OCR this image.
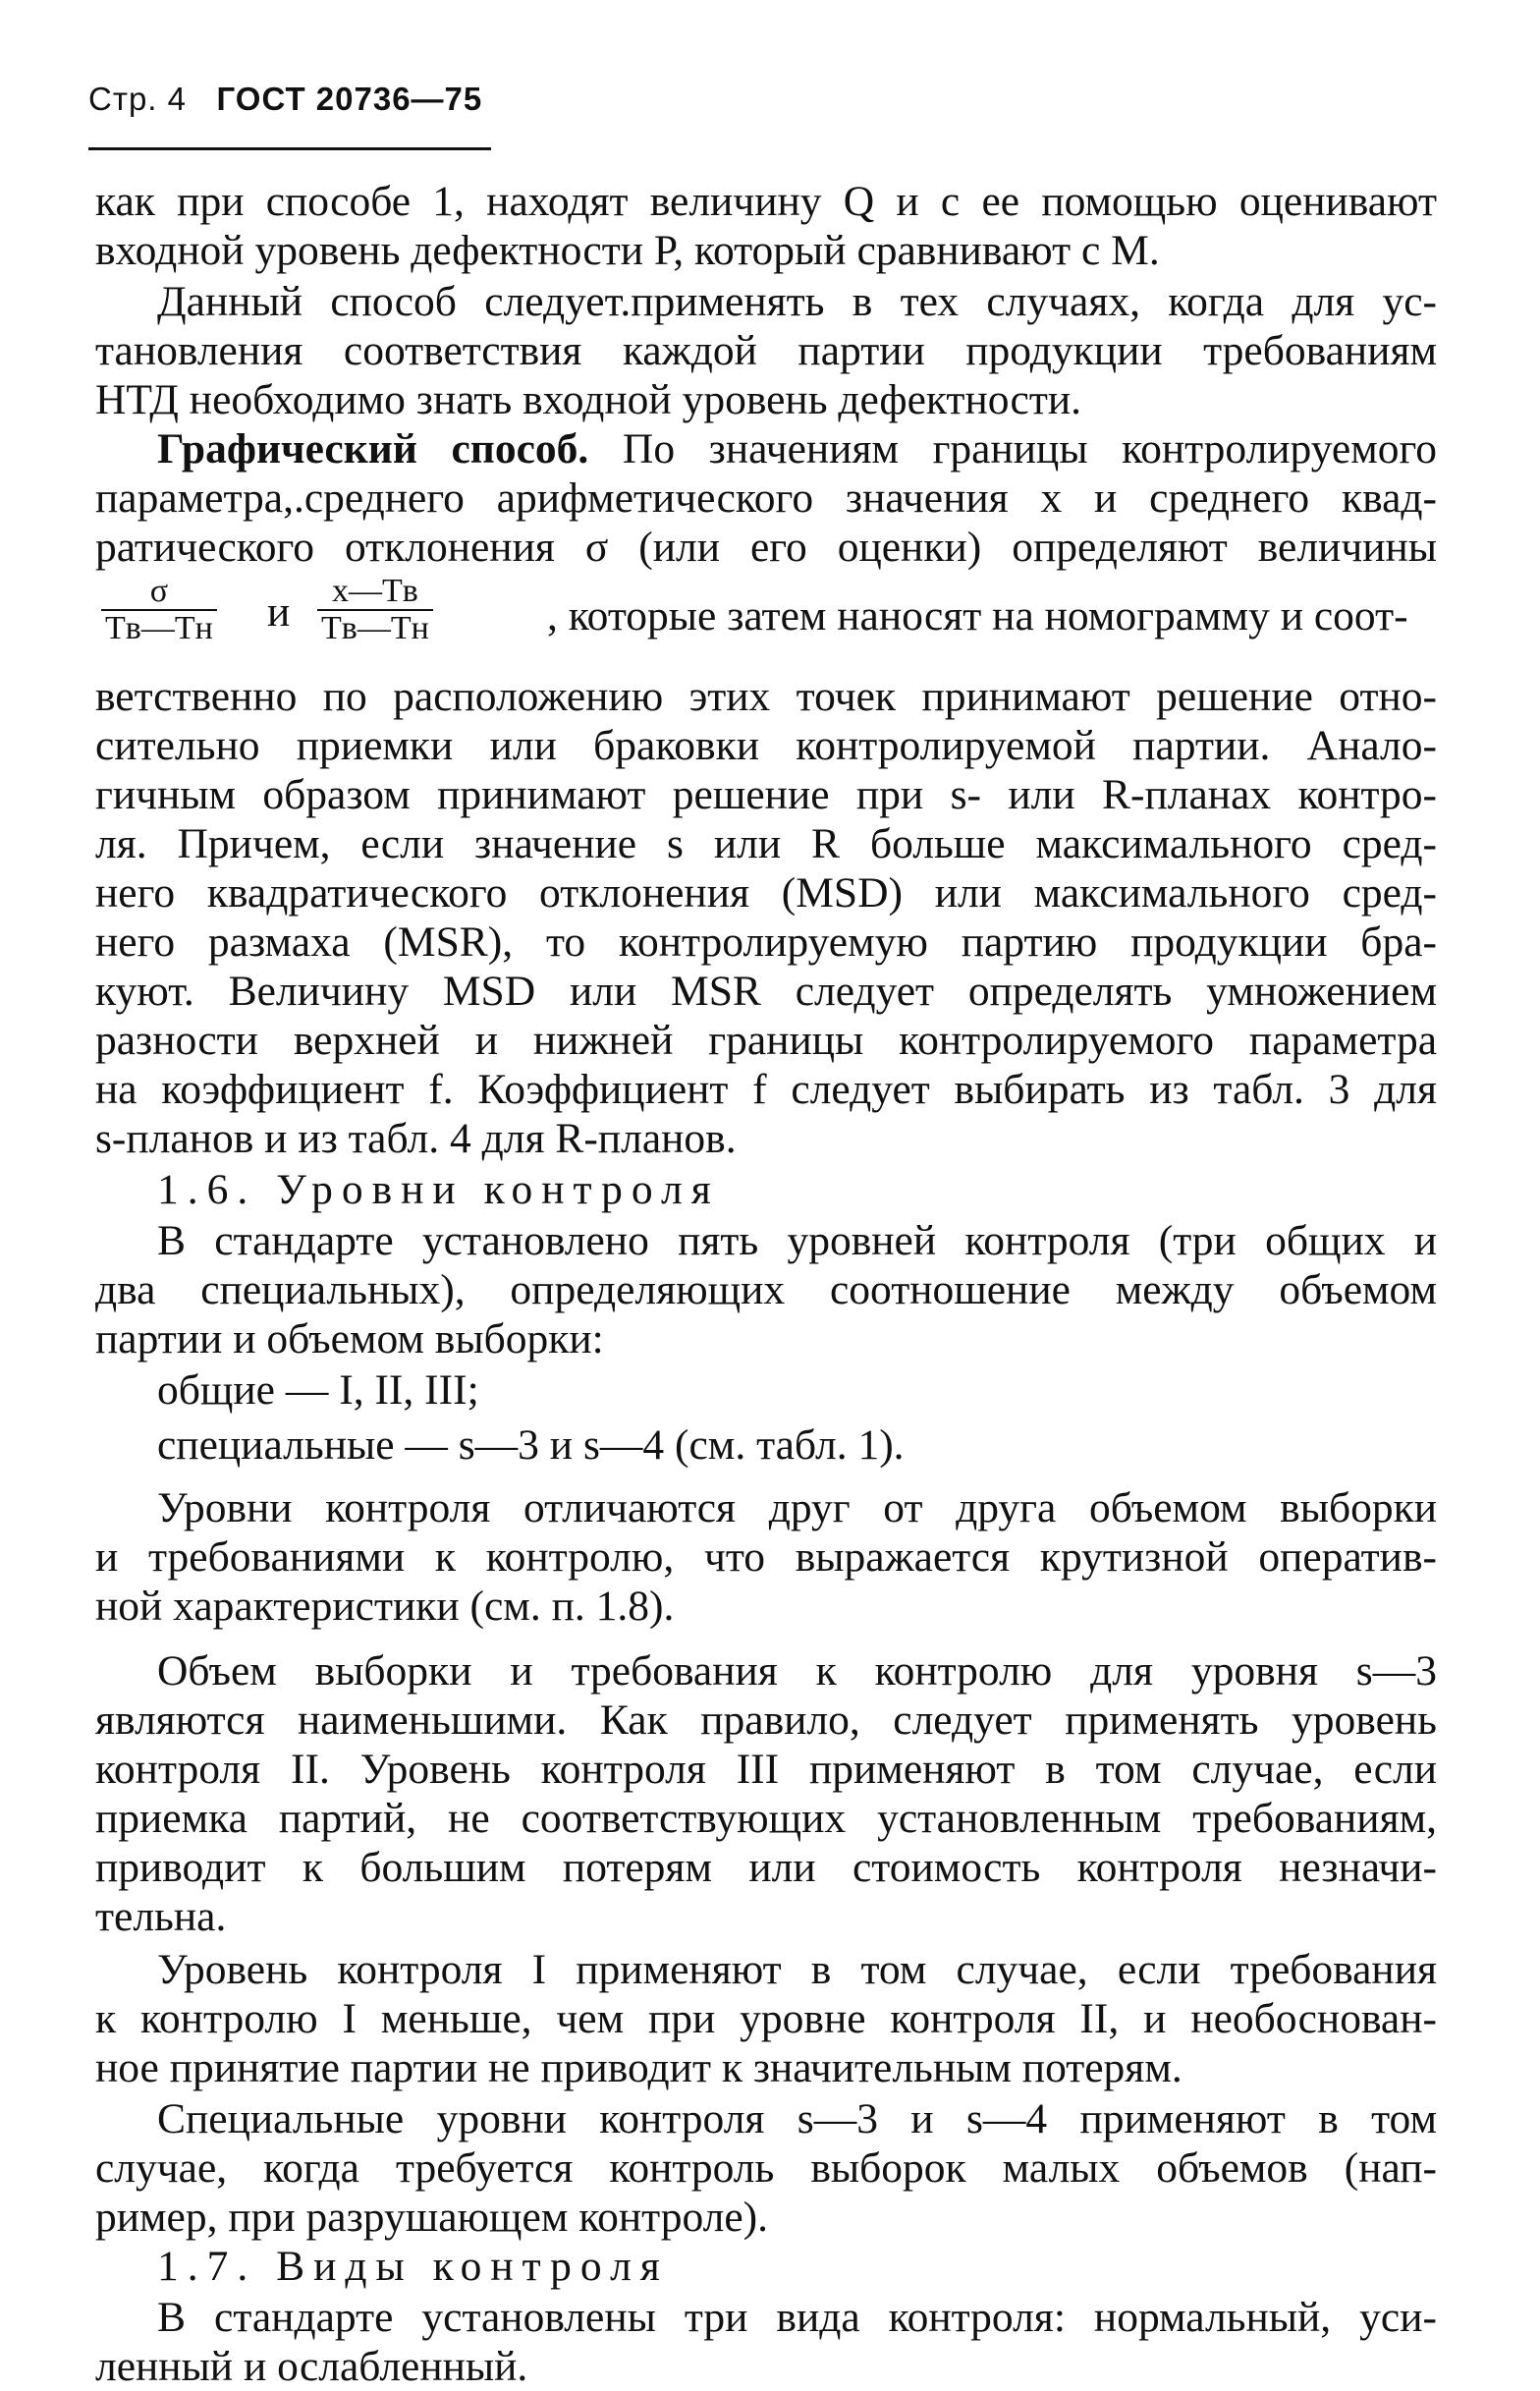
Стр. 4 ГОСТ 20736—75
как при способе 1, находят величину Q и с ее помощью оценивают
входной уровень дефектности P, который сравнивают с M.
Данный способ следует.применять в тех случаях, когда для ус-
тановления соответствия каждой партии продукции требованиям
НТД необходимо знать входной уровень дефектности.
Графический способ. По значениям границы контролируемого
параметра,.среднего арифметического значения x и среднего квад-
ратического отклонения σ (или его оценки) определяют величины
σ
Tв—Tн и	x—Tв
Tв—Tн	, которые затем наносят на номограмму и соот-
ветственно по расположению этих точек принимают решение отно-
сительно приемки или браковки контролируемой партии. Аналo-
гичным образом принимают решение при s- или R-планах контро-
ля. Причем, если значение s или R больше максимального сред-
него квадратического отклонения (MSD) или максимального сред-
него размаха (MSR), то контролируемую партию продукции бра-
куют. Величину MSD или MSR следует определять умножением
разности верхней и нижней границы контролируемого параметра
на коэффициент f. Коэффициент f следует выбирать из табл. 3 для
s-планов и из табл. 4 для R-планов.
1.6. Уровни контроля
В стандарте установлено пять уровней контроля (три общих и
два специальных), определяющих соотношение между объемом
партии и объемом выборки:
общие — I, II, III;
специальные — s—3 и s—4 (см. табл. 1).
Уровни контроля отличаются друг от друга объемом выборки
и требованиями к контролю, что выражается крутизной оператив-
ной характеристики (см. п. 1.8).
Объем выборки и требования к контролю для уровня s—3
являются наименьшими. Как правило, следует применять уровень
контроля II. Уровень контроля III применяют в том случае, если
приемка партий, не соответствующих установленным требованиям,
приводит к большим потерям или стоимость контроля незначи-
тельна.
Уровень контроля I применяют в том случае, если требования
к контролю I меньше, чем при уровне контроля II, и необоснован-
ное принятие партии не приводит к значительным потерям.
Специальные уровни контроля s—3 и s—4 применяют в том
случае, когда требуется контроль выборок малых объемов (нап-
ример, при разрушающем контроле).
1.7. Виды контроля
В стандарте установлены три вида контроля: нормальный, уси-
ленный и ослабленный.
